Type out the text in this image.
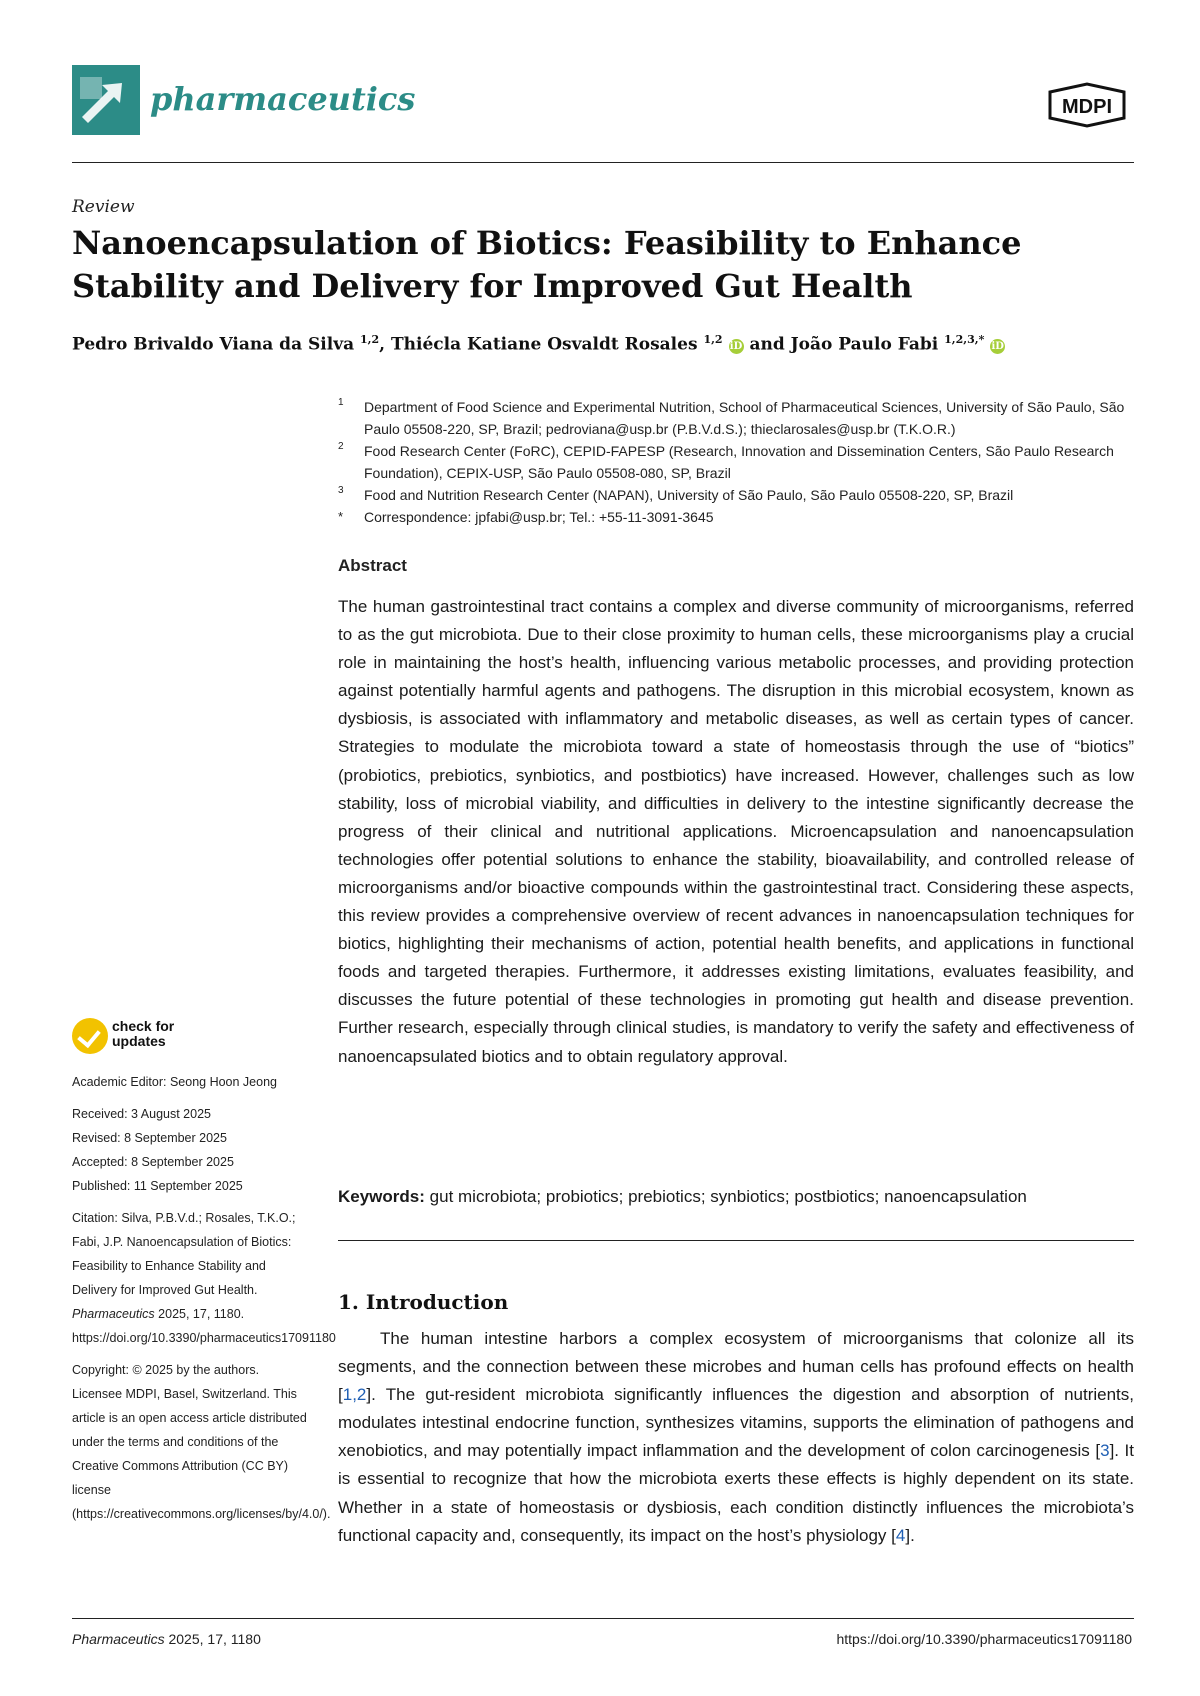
pharmaceutics	MDPI
Review
Nanoencapsulation of Biotics: Feasibility to Enhance Stability and Delivery for Improved Gut Health
Pedro Brivaldo Viana da Silva $^{1,2}$, Thiécla Katiane Osvaldt Rosales $^{1,2}$ iD and João Paulo Fabi $^{1,2,3,*}$ iD
1 Department of Food Science and Experimental Nutrition, School of Pharmaceutical Sciences, University of São Paulo, São Paulo 05508-220, SP, Brazil; pedroviana@usp.br (P.B.V.d.S.); thieclarosales@usp.br (T.K.O.R.)
2 Food Research Center (FoRC), CEPID-FAPESP (Research, Innovation and Dissemination Centers, São Paulo Research Foundation), CEPIX-USP, São Paulo 05508-080, SP, Brazil
3 Food and Nutrition Research Center (NAPAN), University of São Paulo, São Paulo 05508-220, SP, Brazil
* Correspondence: jpfabi@usp.br; Tel.: +55-11-3091-3645
Abstract
The human gastrointestinal tract contains a complex and diverse community of microorganisms, referred to as the gut microbiota. Due to their close proximity to human cells, these microorganisms play a crucial role in maintaining the host’s health, influencing various metabolic processes, and providing protection against potentially harmful agents and pathogens. The disruption in this microbial ecosystem, known as dysbiosis, is associated with inflammatory and metabolic diseases, as well as certain types of cancer. Strategies to modulate the microbiota toward a state of homeostasis through the use of “biotics” (probiotics, prebiotics, synbiotics, and postbiotics) have increased. However, challenges such as low stability, loss of microbial viability, and difficulties in delivery to the intestine significantly decrease the progress of their clinical and nutritional applications. Microencapsulation and nanoencapsulation technologies offer potential solutions to enhance the stability, bioavailability, and controlled release of microorganisms and/or bioactive compounds within the gastrointestinal tract. Considering these aspects, this review provides a comprehensive overview of recent advances in nanoencapsulation techniques for biotics, highlighting their mechanisms of action, potential health benefits, and applications in functional foods and targeted therapies. Furthermore, it addresses existing limitations, evaluates feasibility, and discusses the future potential of these technologies in promoting gut health and disease prevention. Further research, especially through clinical studies, is mandatory to verify the safety and effectiveness of nanoencapsulated biotics and to obtain regulatory approval.
Keywords: gut microbiota; probiotics; prebiotics; synbiotics; postbiotics; nanoencapsulation
1. Introduction
The human intestine harbors a complex ecosystem of microorganisms that colonize all its segments, and the connection between these microbes and human cells has profound effects on health [1,2]. The gut-resident microbiota significantly influences the digestion and absorption of nutrients, modulates intestinal endocrine function, synthesizes vitamins, supports the elimination of pathogens and xenobiotics, and may potentially impact inflammation and the development of colon carcinogenesis [3]. It is essential to recognize that how the microbiota exerts these effects is highly dependent on its state. Whether in a state of homeostasis or dysbiosis, each condition distinctly influences the microbiota’s functional capacity and, consequently, its impact on the host’s physiology [4].
check for
updates

Academic Editor: Seong Hoon Jeong

Received: 3 August 2025

Revised: 8 September 2025

Accepted: 8 September 2025

Published: 11 September 2025

Citation: Silva, P.B.V.d.; Rosales, T.K.O.; Fabi, J.P. Nanoencapsulation of Biotics: Feasibility to Enhance Stability and Delivery for Improved Gut Health. Pharmaceutics 2025, 17, 1180. https://doi.org/10.3390/pharmaceutics17091180

Copyright: © 2025 by the authors. Licensee MDPI, Basel, Switzerland. This article is an open access article distributed under the terms and conditions of the Creative Commons Attribution (CC BY) license (https://creativecommons.org/licenses/by/4.0/).

Pharmaceutics 2025, 17, 1180	https://doi.org/10.3390/pharmaceutics17091180
